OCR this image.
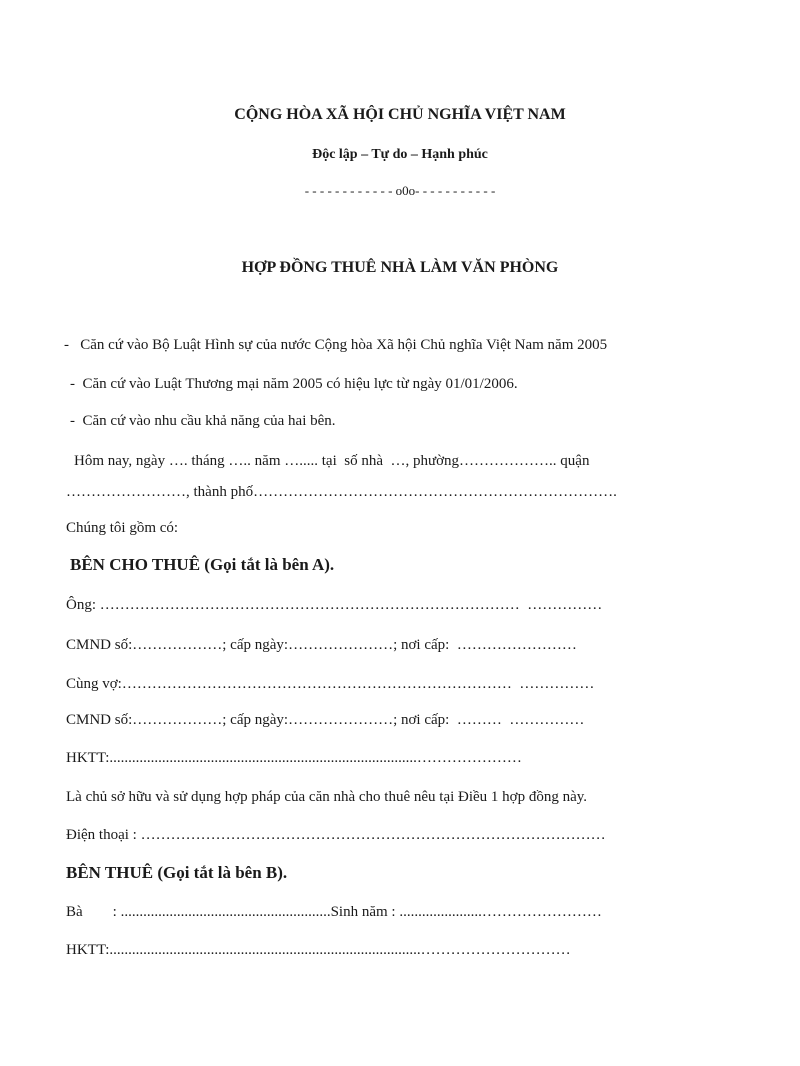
CỘNG HÒA XÃ HỘI CHỦ NGHĨA VIỆT NAM
Độc lập – Tự do – Hạnh phúc
- - - - - - - - - - - - o0o- - - - - - - - - - -
HỢP ĐỒNG THUÊ NHÀ LÀM VĂN PHÒNG
-   Căn cứ vào Bộ Luật Hình sự của nước Cộng hòa Xã hội Chủ nghĩa Việt Nam năm 2005
-  Căn cứ vào Luật Thương mại năm 2005 có hiệu lực từ ngày 01/01/2006.
-  Căn cứ vào nhu cầu khả năng của hai bên.
Hôm nay, ngày …. tháng ….. năm …..... tại  số nhà  …, phường……………….. quận
……………………, thành phố……………………………………………………………….
Chúng tôi gồm có:
BÊN CHO THUÊ (Gọi tắt là bên A).
Ông: …………………………………………………………………………  ……………
CMND số:………………; cấp ngày:…………………; nơi cấp:  ……………………
Cùng vợ:……………………………………………………………………  ……………
CMND số:………………; cấp ngày:…………………; nơi cấp:  ………  ……………
HKTT:..................................................................................…………………
Là chủ sở hữu và sử dụng hợp pháp của căn nhà cho thuê nêu tại Điều 1 hợp đồng này.
Điện thoại : …………………………………………………………………………………
BÊN THUÊ (Gọi tắt là bên B).
Bà        : ........................................................Sinh năm : ......................……………………
HKTT:...................................................................................…………………………
